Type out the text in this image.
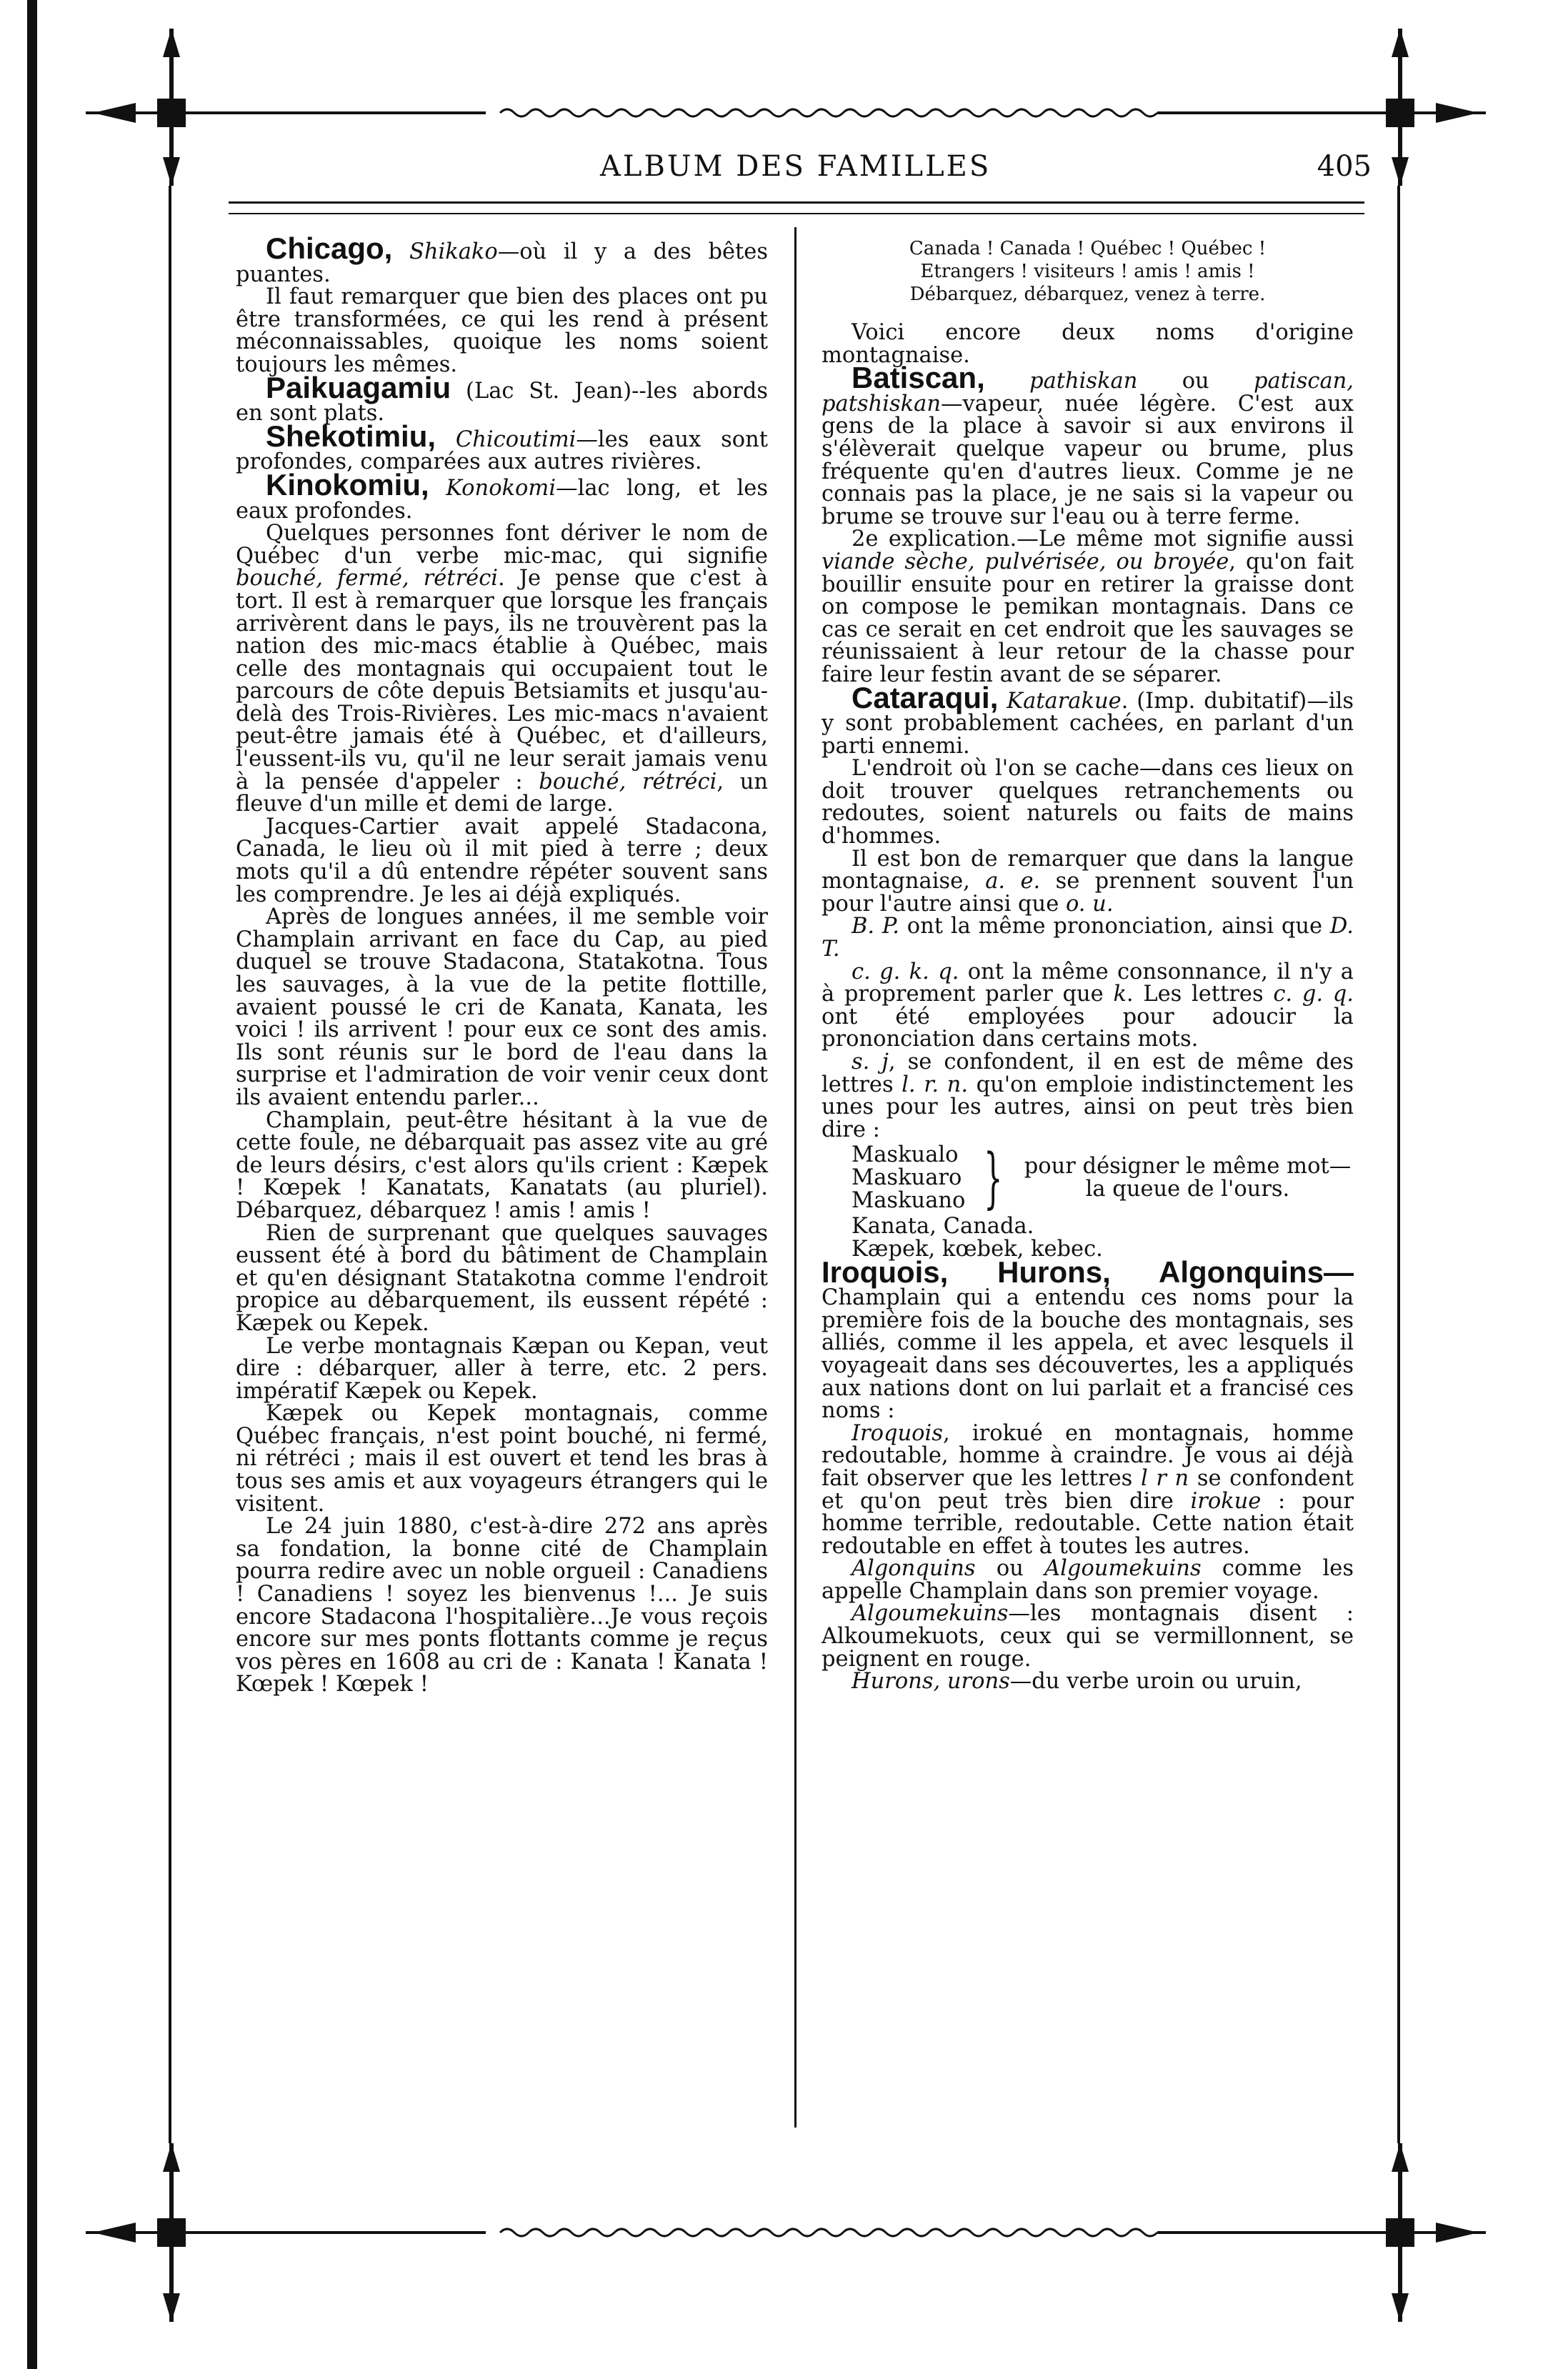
ALBUM DES FAMILLES	405

Chicago, Shikako—où il y a des bêtes puantes.

Il faut remarquer que bien des places ont pu être transformées, ce qui les rend à présent méconnaissables, quoique les noms soient toujours les mêmes.

Paikuagamiu (Lac St. Jean)--les abords en sont plats.

Shekotimiu, Chicoutimi—les eaux sont profondes, comparées aux autres rivières.

Kinokomiu, Konokomi—lac long, et les eaux profondes.

Quelques personnes font dériver le nom de Québec d'un verbe mic-mac, qui signifie bouché, fermé, rétréci. Je pense que c'est à tort. Il est à remarquer que lorsque les français arrivèrent dans le pays, ils ne trouvèrent pas la nation des mic-macs établie à Québec, mais celle des montagnais qui occupaient tout le parcours de côte depuis Betsiamits et jusqu'au-delà des Trois-Rivières. Les mic-macs n'avaient peut-être jamais été à Québec, et d'ailleurs, l'eussent-ils vu, qu'il ne leur serait jamais venu à la pensée d'appeler : bouché, rétréci, un fleuve d'un mille et demi de large.

Jacques-Cartier avait appelé Stadacona, Canada, le lieu où il mit pied à terre ; deux mots qu'il a dû entendre répéter souvent sans les comprendre. Je les ai déjà expliqués.

Après de longues années, il me semble voir Champlain arrivant en face du Cap, au pied duquel se trouve Stadacona, Statakotna. Tous les sauvages, à la vue de la petite flottille, avaient poussé le cri de Kanata, Kanata, les voici ! ils arrivent ! pour eux ce sont des amis. Ils sont réunis sur le bord de l'eau dans la surprise et l'admiration de voir venir ceux dont ils avaient entendu parler...

Champlain, peut-être hésitant à la vue de cette foule, ne débarquait pas assez vite au gré de leurs désirs, c'est alors qu'ils crient : Kæpek ! Kœpek ! Kanatats, Kanatats (au pluriel). Débarquez, débarquez ! amis ! amis !

Rien de surprenant que quelques sauvages eussent été à bord du bâtiment de Champlain et qu'en désignant Statakotna comme l'endroit propice au débarquement, ils eussent répété : Kæpek ou Kepek.

Le verbe montagnais Kæpan ou Kepan, veut dire : débarquer, aller à terre, etc. 2 pers. impératif Kæpek ou Kepek.

Kæpek ou Kepek montagnais, comme Québec français, n'est point bouché, ni fermé, ni rétréci ; mais il est ouvert et tend les bras à tous ses amis et aux voyageurs étrangers qui le visitent.

Le 24 juin 1880, c'est-à-dire 272 ans après sa fondation, la bonne cité de Champlain pourra redire avec un noble orgueil : Canadiens ! Canadiens ! soyez les bienvenus !... Je suis encore Stadacona l'hospitalière...Je vous reçois encore sur mes ponts flottants comme je reçus vos pères en 1608 au cri de : Kanata ! Kanata ! Kœpek ! Kœpek !

Canada ! Canada ! Québec ! Québec !
Etrangers ! visiteurs ! amis ! amis !
Débarquez, débarquez, venez à terre.

Voici encore deux noms d'origine montagnaise.

Batiscan, pathiskan ou patiscan, patshiskan—vapeur, nuée légère. C'est aux gens de la place à savoir si aux environs il s'élèverait quelque vapeur ou brume, plus fréquente qu'en d'autres lieux. Comme je ne connais pas la place, je ne sais si la vapeur ou brume se trouve sur l'eau ou à terre ferme.

2e explication.—Le même mot signifie aussi viande sèche, pulvérisée, ou broyée, qu'on fait bouillir ensuite pour en retirer la graisse dont on compose le pemikan montagnais. Dans ce cas ce serait en cet endroit que les sauvages se réunissaient à leur retour de la chasse pour faire leur festin avant de se séparer.

Cataraqui, Katarakue. (Imp. dubitatif)—ils y sont probablement cachées, en parlant d'un parti ennemi.

L'endroit où l'on se cache—dans ces lieux on doit trouver quelques retranchements ou redoutes, soient naturels ou faits de mains d'hommes.

Il est bon de remarquer que dans la langue montagnaise, a. e. se prennent souvent l'un pour l'autre ainsi que o. u.

B. P. ont la même prononciation, ainsi que D. T.

c. g. k. q. ont la même consonnance, il n'y a à proprement parler que k. Les lettres c. g. q. ont été employées pour adoucir la prononciation dans certains mots.

s. j, se confondent, il en est de même des lettres l. r. n. qu'on emploie indistinctement les unes pour les autres, ainsi on peut très bien dire :

Maskualo
Maskuaro
Maskuano } pour désigner le même mot—la queue de l'ours.
Kanata, Canada.
Kæpek, kœbek, kebec.

Iroquois, Hurons, Algonquins— Champlain qui a entendu ces noms pour la première fois de la bouche des montagnais, ses alliés, comme il les appela, et avec lesquels il voyageait dans ses découvertes, les a appliqués aux nations dont on lui parlait et a francisé ces noms :

Iroquois, irokué en montagnais, homme redoutable, homme à craindre. Je vous ai déjà fait observer que les lettres l r n se confondent et qu'on peut très bien dire irokue : pour homme terrible, redoutable. Cette nation était redoutable en effet à toutes les autres.

Algonquins ou Algoumekuins comme les appelle Champlain dans son premier voyage.

Algoumekuins—les montagnais disent : Alkoumekuots, ceux qui se vermillonnent, se peignent en rouge.

Hurons, urons—du verbe uroin ou uruin,
